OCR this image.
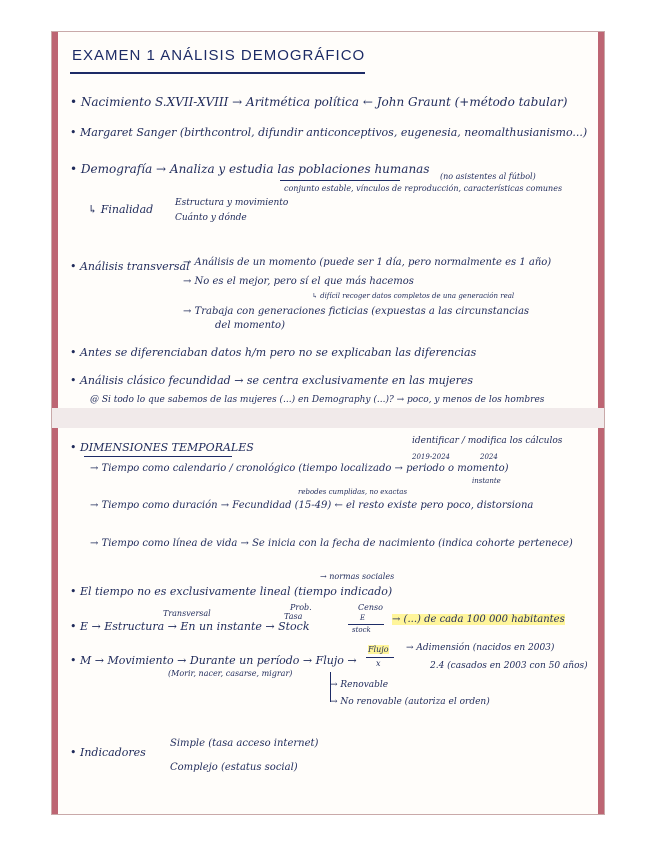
EXAMEN 1 ANÁLISIS DEMOGRÁFICO
• Nacimiento S.XVII-XVIII → Aritmética política ← John Graunt (+método tabular)
• Margaret Sanger (birthcontrol, difundir anticonceptivos, eugenesia, neomalthusianismo...)
• Demografía → Analiza y estudia las poblaciones humanas
(no asistentes al fútbol)
conjunto estable, vínculos de reproducción, características comunes
↳ Finalidad Estructura y movimiento
Cuánto y dónde
• Análisis transversal
→ Análisis de un momento (puede ser 1 día, pero normalmente es 1 año)
→ No es el mejor, pero sí el que más hacemos
↳ difícil recoger datos completos de una generación real
→ Trabaja con generaciones ficticias (expuestas a las circunstancias
del momento)
• Antes se diferenciaban datos h/m pero no se explicaban las diferencias
• Análisis clásico fecundidad → se centra exclusivamente en las mujeres
@ Si todo lo que sabemos de las mujeres (...) en Demography (...)? → poco, y menos de los hombres
• DIMENSIONES TEMPORALES	identificar / modifica los cálculos
2019-2024	2024
→ Tiempo como calendario / cronológico (tiempo localizado → periodo o momento)
instante
rebodes cumplidas, no exactas
→ Tiempo como duración → Fecundidad (15-49) ← el resto existe pero poco, distorsiona
→ Tiempo como línea de vida → Se inicia con la fecha de nacimiento (indica cohorte pertenece)
→ normas sociales
• El tiempo no es exclusivamente lineal (tiempo indicado)
Transversal
Prob.
Tasa
Censo
• E → Estructura → En un instante → Stock
E
stock
→ (...) de cada 100 000 habitantes
• M → Movimiento → Durante un período → Flujo →
(Morir, nacer, casarse, migrar)
Flujo
x
→ Adimensión (nacidos en 2003)
2.4 (casados en 2003 con 50 años)
→ Renovable
→ No renovable (autoriza el orden)
• Indicadores
Simple (tasa acceso internet)
Complejo (estatus social)
